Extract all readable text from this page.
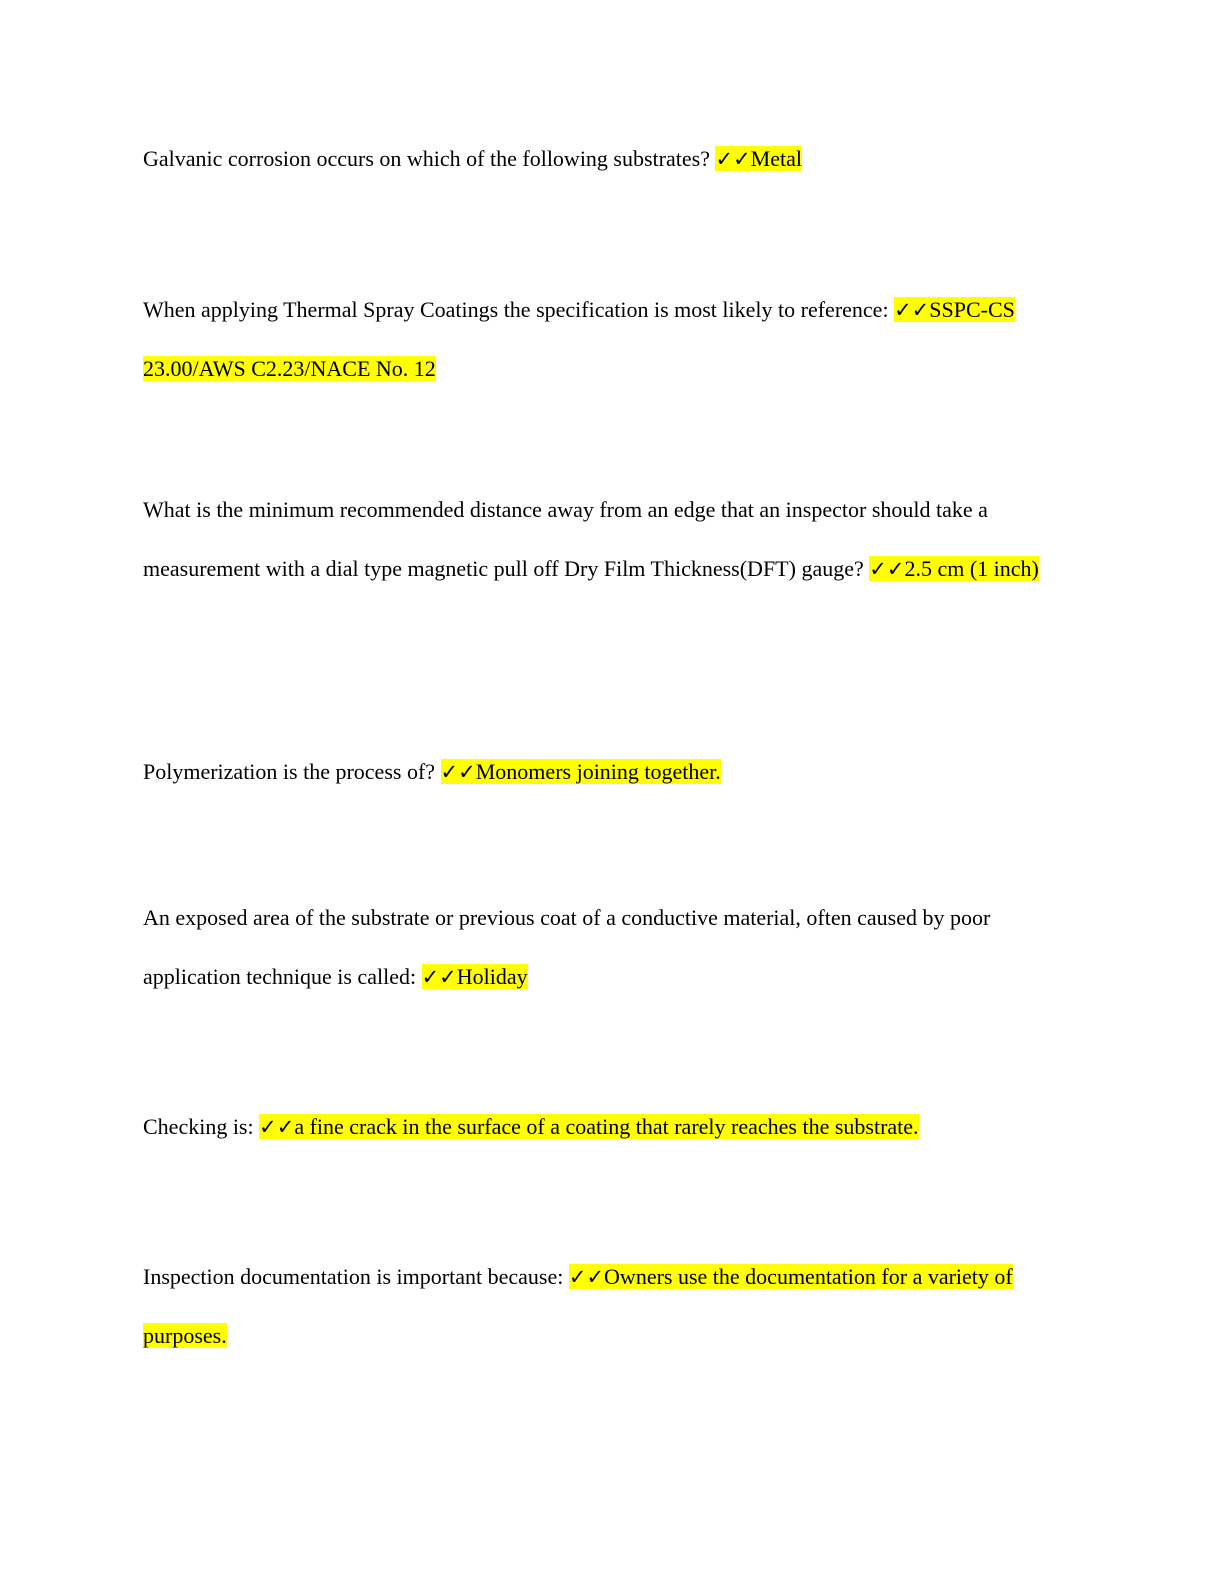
Galvanic corrosion occurs on which of the following substrates? ✓✓Metal

When applying Thermal Spray Coatings the specification is most likely to reference: ✓✓SSPC-CS 23.00/AWS C2.23/NACE No. 12

What is the minimum recommended distance away from an edge that an inspector should take a measurement with a dial type magnetic pull off Dry Film Thickness(DFT) gauge? ✓✓2.5 cm (1 inch)

Polymerization is the process of? ✓✓Monomers joining together.

An exposed area of the substrate or previous coat of a conductive material, often caused by poor application technique is called: ✓✓Holiday

Checking is: ✓✓a fine crack in the surface of a coating that rarely reaches the substrate.

Inspection documentation is important because: ✓✓Owners use the documentation for a variety of purposes.
